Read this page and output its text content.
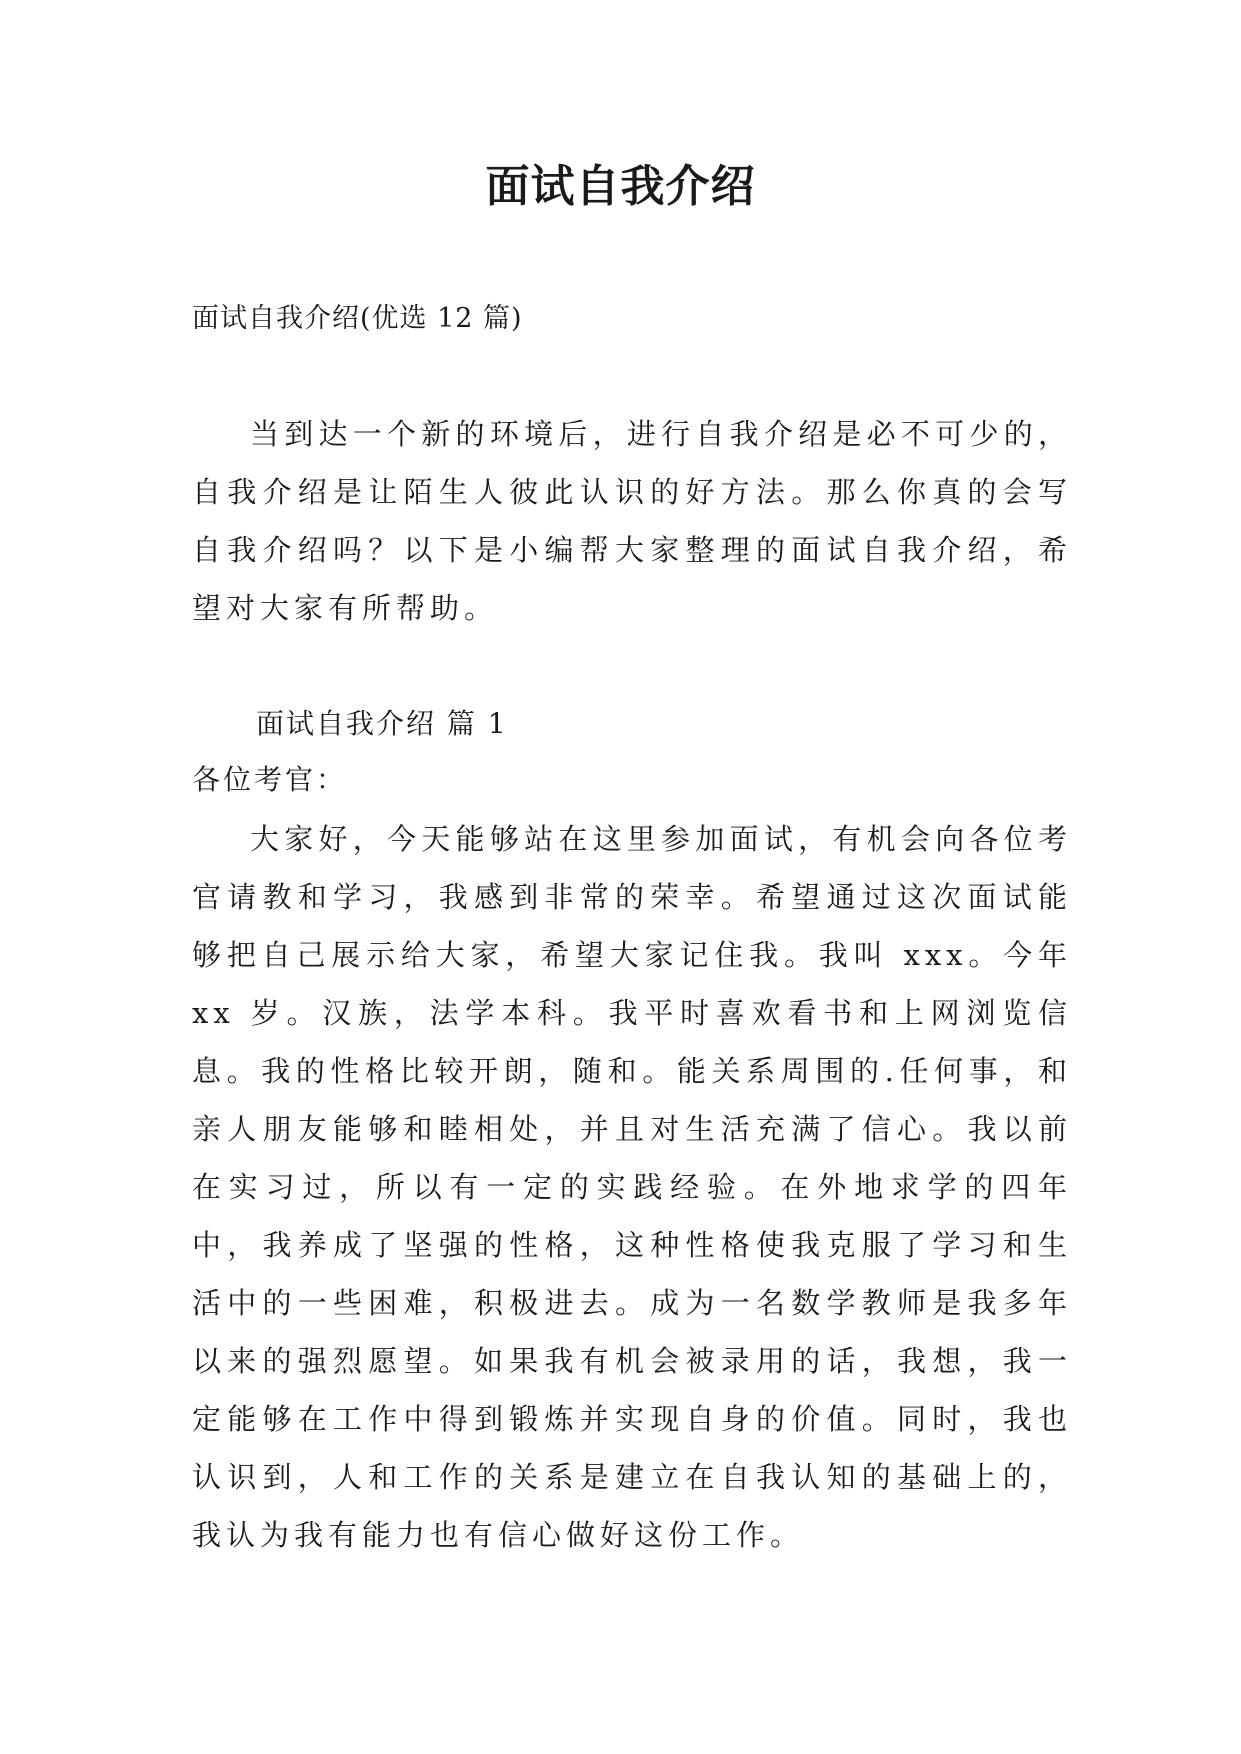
面试自我介绍

面试自我介绍(优选 12 篇)

当到达一个新的环境后，进行自我介绍是必不可少的，自我介绍是让陌生人彼此认识的好方法。那么你真的会写自我介绍吗？以下是小编帮大家整理的面试自我介绍，希望对大家有所帮助。

面试自我介绍 篇 1

各位考官：

大家好，今天能够站在这里参加面试，有机会向各位考官请教和学习，我感到非常的荣幸。希望通过这次面试能够把自己展示给大家，希望大家记住我。我叫 xxx。今年 xx 岁。汉族，法学本科。我平时喜欢看书和上网浏览信息。我的性格比较开朗，随和。能关系周围的.任何事，和亲人朋友能够和睦相处，并且对生活充满了信心。我以前在实习过，所以有一定的实践经验。在外地求学的四年中，我养成了坚强的性格，这种性格使我克服了学习和生活中的一些困难，积极进去。成为一名数学教师是我多年以来的强烈愿望。如果我有机会被录用的话，我想，我一定能够在工作中得到锻炼并实现自身的价值。同时，我也认识到，人和工作的关系是建立在自我认知的基础上的，我认为我有能力也有信心做好这份工作。
